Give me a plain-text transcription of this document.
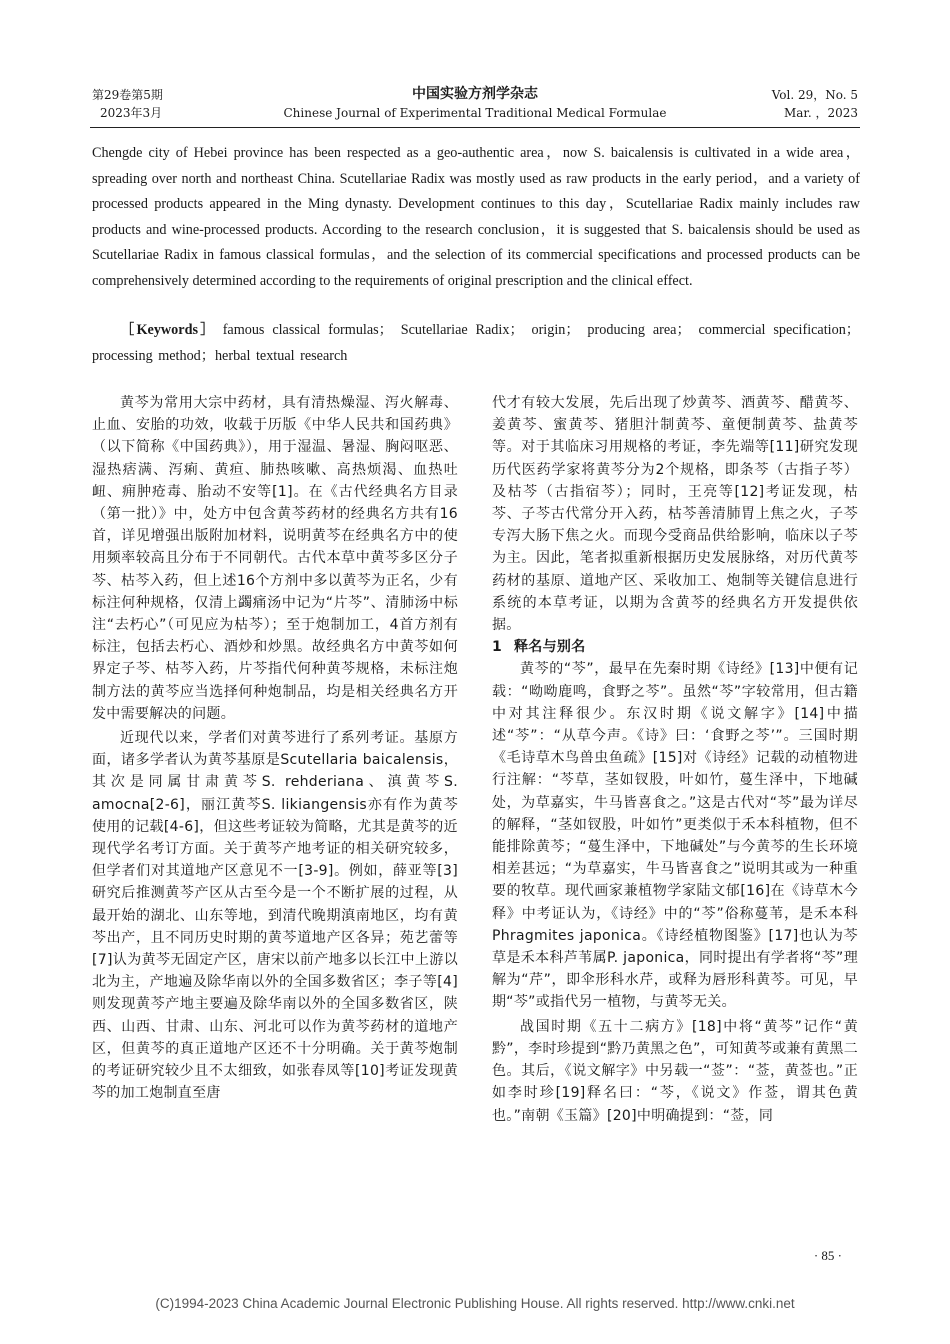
第29卷第5期
2023年3月
中国实验方剂学杂志
Chinese Journal of Experimental Traditional Medical Formulae
Vol. 29，No. 5
Mar. ，2023
Chengde city of Hebei province has been respected as a geo-authentic area，now S. baicalensis is cultivated in a wide area，spreading over north and northeast China. Scutellariae Radix was mostly used as raw products in the early period，and a variety of processed products appeared in the Ming dynasty. Development continues to this day，Scutellariae Radix mainly includes raw products and wine-processed products. According to the research conclusion，it is suggested that S. baicalensis should be used as Scutellariae Radix in famous classical formulas，and the selection of its commercial specifications and processed products can be comprehensively determined according to the requirements of original prescription and the clinical effect.
［Keywords］ famous classical formulas； Scutellariae Radix； origin； producing area； commercial specification；processing method；herbal textual research

黄芩为常用大宗中药材，具有清热燥湿、泻火解毒、止血、安胎的功效，收载于历版《中华人民共和国药典》（以下简称《中国药典》），用于湿温、暑湿、胸闷呕恶、湿热痞满、泻痢、黄疸、肺热咳嗽、高热烦渴、血热吐衄、痈肿疮毒、胎动不安等[1]。在《古代经典名方目录（第一批）》中，处方中包含黄芩药材的经典名方共有16首，详见增强出版附加材料，说明黄芩在经典名方中的使用频率较高且分布于不同朝代。古代本草中黄芩多区分子芩、枯芩入药，但上述16个方剂中多以黄芩为正名，少有标注何种规格，仅清上蠲痛汤中记为“片芩”、清肺汤中标注“去朽心”（可见应为枯芩）；至于炮制加工，4首方剂有标注，包括去朽心、酒炒和炒黑。故经典名方中黄芩如何界定子芩、枯芩入药，片芩指代何种黄芩规格，未标注炮制方法的黄芩应当选择何种炮制品，均是相关经典名方开发中需要解决的问题。

近现代以来，学者们对黄芩进行了系列考证。基原方面，诸多学者认为黄芩基原是Scutellaria baicalensis，其次是同属甘肃黄芩S. rehderiana、滇黄芩S. amocna[2-6]，丽江黄芩S. likiangensis亦有作为黄芩使用的记载[4-6]，但这些考证较为简略，尤其是黄芩的近现代学名考订方面。关于黄芩产地考证的相关研究较多，但学者们对其道地产区意见不一[3-9]。例如，薛亚等[3]研究后推测黄芩产区从古至今是一个不断扩展的过程，从最开始的湖北、山东等地，到清代晚期滇南地区，均有黄芩出产，且不同历史时期的黄芩道地产区各异；苑艺蕾等[7]认为黄芩无固定产区，唐宋以前产地多以长江中上游以北为主，产地遍及除华南以外的全国多数省区；李子等[4]则发现黄芩产地主要遍及除华南以外的全国多数省区，陕西、山西、甘肃、山东、河北可以作为黄芩药材的道地产区，但黄芩的真正道地产区还不十分明确。关于黄芩炮制的考证研究较少且不太细致，如张春凤等[10]考证发现黄芩的加工炮制直至唐

代才有较大发展，先后出现了炒黄芩、酒黄芩、醋黄芩、姜黄芩、蜜黄芩、猪胆汁制黄芩、童便制黄芩、盐黄芩等。对于其临床习用规格的考证，李先端等[11]研究发现历代医药学家将黄芩分为2个规格，即条芩（古指子芩）及枯芩（古指宿芩）；同时，王亮等[12]考证发现，枯芩、子芩古代常分开入药，枯芩善清肺胃上焦之火，子芩专泻大肠下焦之火。而现今受商品供给影响，临床以子芩为主。因此，笔者拟重新根据历史发展脉络，对历代黄芩药材的基原、道地产区、采收加工、炮制等关键信息进行系统的本草考证，以期为含黄芩的经典名方开发提供依据。

1 释名与别名

黄芩的“芩”，最早在先秦时期《诗经》[13]中便有记载：“呦呦鹿鸣，食野之芩”。虽然“芩”字较常用，但古籍中对其注释很少。东汉时期《说文解字》[14]中描述“芩”：“从草今声。《诗》曰：‘食野之芩’”。三国时期《毛诗草木鸟兽虫鱼疏》[15]对《诗经》记载的动植物进行注解：“芩草，茎如钗股，叶如竹，蔓生泽中，下地碱处，为草嘉实，牛马皆喜食之。”这是古代对“芩”最为详尽的解释，“茎如钗股，叶如竹”更类似于禾本科植物，但不能排除黄芩；“蔓生泽中，下地碱处”与今黄芩的生长环境相差甚远；“为草嘉实，牛马皆喜食之”说明其或为一种重要的牧草。现代画家兼植物学家陆文郁[16]在《诗草木今释》中考证认为，《诗经》中的“芩”俗称蔓苇，是禾本科Phragmites japonica。《诗经植物图鉴》[17]也认为芩草是禾本科芦苇属P. japonica，同时提出有学者将“芩”理解为“芹”，即伞形科水芹，或释为唇形科黄芩。可见，早期“芩”或指代另一植物，与黄芩无关。

战国时期《五十二病方》[18]中将“黄芩”记作“黄黔”，李时珍提到“黔乃黄黑之色”，可知黄芩或兼有黄黑二色。其后，《说文解字》中另载一“莶”：“莶，黄莶也。”正如李时珍[19]释名曰：“芩，《说文》作莶，谓其色黄也。”南朝《玉篇》[20]中明确提到：“莶，同

· 85 ·
(C)1994-2023 China Academic Journal Electronic Publishing House. All rights reserved. http://www.cnki.net
